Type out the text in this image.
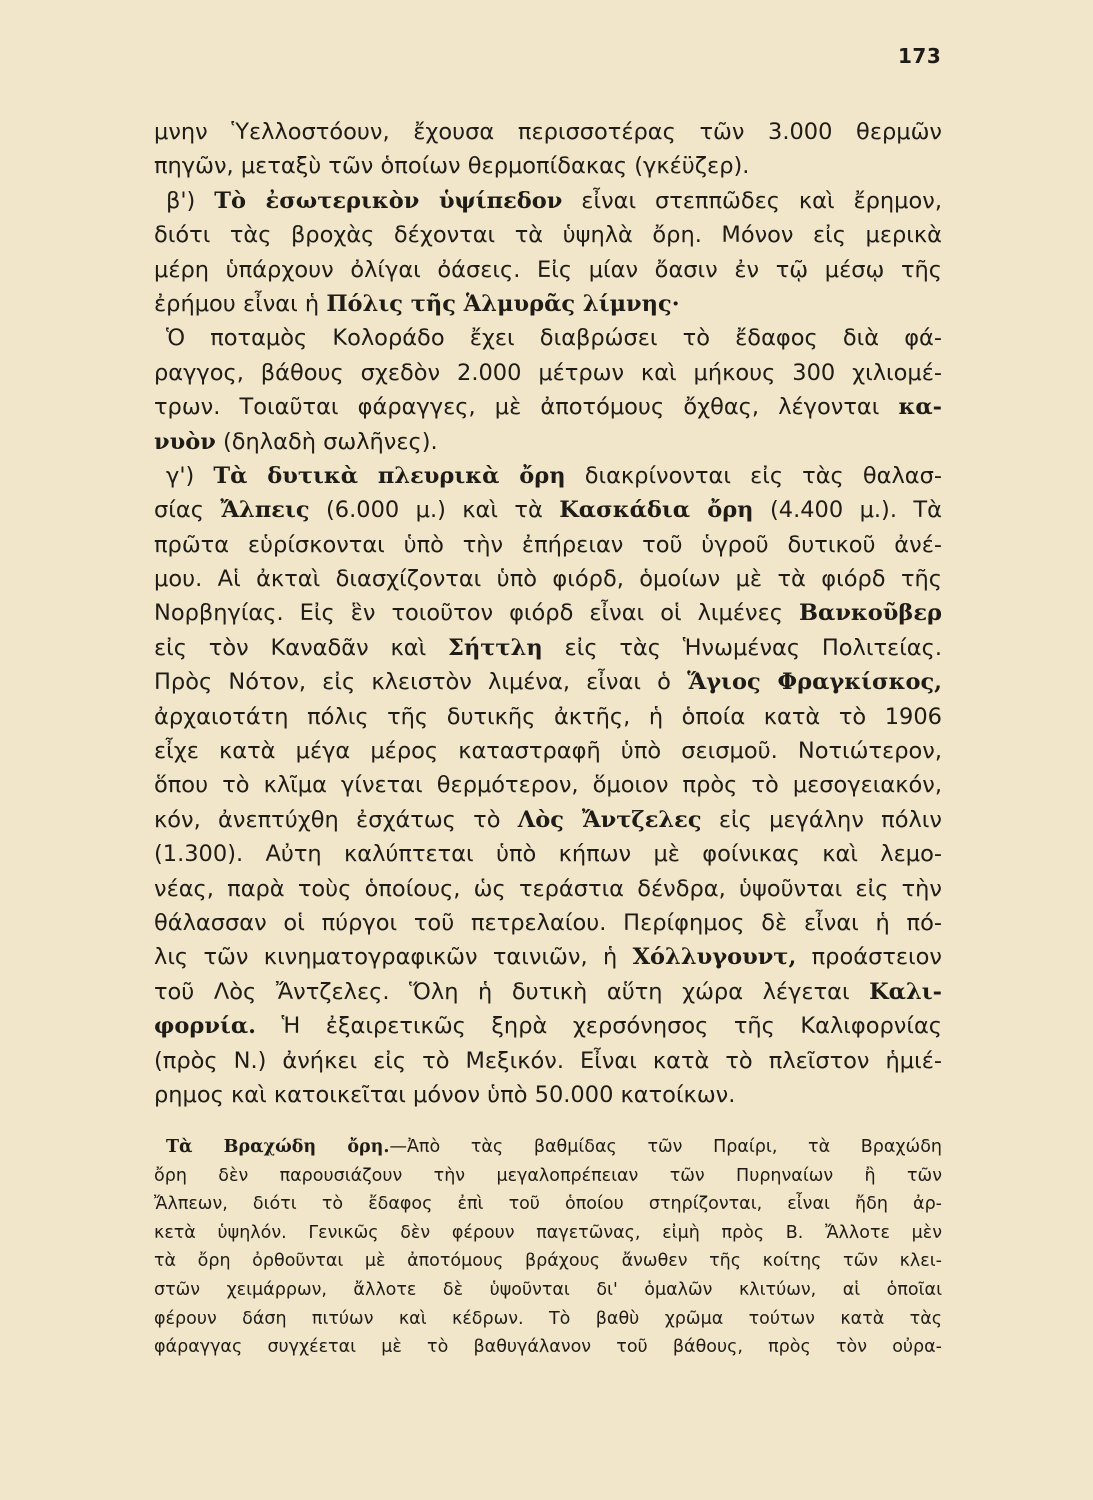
173
μνην Ὑελλοστόουν, ἔχουσα περισσοτέρας τῶν 3.000 θερμῶν
πηγῶν, μεταξὺ τῶν ὁποίων θερμοπίδακας (γκέϋζερ).
β') Τὸ ἐσωτερικὸν ὑψίπεδον εἶναι στεππῶδες καὶ ἔρημον,
διότι τὰς βροχὰς δέχονται τὰ ὑψηλὰ ὄρη. Μόνον εἰς μερικὰ
μέρη ὑπάρχουν ὀλίγαι ὀάσεις. Εἰς μίαν ὄασιν ἐν τῷ μέσῳ τῆς
ἐρήμου εἶναι ἡ Πόλις τῆς Ἁλμυρᾶς λίμνης·
Ὁ ποταμὸς Κολοράδο ἔχει διαβρώσει τὸ ἔδαφος διὰ φά-
ραγγος, βάθους σχεδὸν 2.000 μέτρων καὶ μήκους 300 χιλιομέ-
τρων. Τοιαῦται φάραγγες, μὲ ἀποτόμους ὄχθας, λέγονται κα-
νυὸν (δηλαδὴ σωλῆνες).
γ') Τὰ δυτικὰ πλευρικὰ ὄρη διακρίνονται εἰς τὰς θαλασ-
σίας Ἄλπεις (6.000 μ.) καὶ τὰ Κασκάδια ὄρη (4.400 μ.). Τὰ
πρῶτα εὑρίσκονται ὑπὸ τὴν ἐπήρειαν τοῦ ὑγροῦ δυτικοῦ ἀνέ-
μου. Αἱ ἀκταὶ διασχίζονται ὑπὸ φιόρδ, ὁμοίων μὲ τὰ φιόρδ τῆς
Νορβηγίας. Εἰς ἓν τοιοῦτον φιόρδ εἶναι οἱ λιμένες Βανκοῦβερ
εἰς τὸν Καναδᾶν καὶ Σήττλη εἰς τὰς Ἡνωμένας Πολιτείας.
Πρὸς Νότον, εἰς κλειστὸν λιμένα, εἶναι ὁ Ἅγιος Φραγκίσκος,
ἀρχαιοτάτη πόλις τῆς δυτικῆς ἀκτῆς, ἡ ὁποία κατὰ τὸ 1906
εἶχε κατὰ μέγα μέρος καταστραφῆ ὑπὸ σεισμοῦ. Νοτιώτερον,
ὅπου τὸ κλῖμα γίνεται θερμότερον, ὅμοιον πρὸς τὸ μεσογειακόν,
κόν, ἀνεπτύχθη ἐσχάτως τὸ Λὸς Ἄντζελες εἰς μεγάλην πόλιν
(1.300). Αὐτη καλύπτεται ὑπὸ κήπων μὲ φοίνικας καὶ λεμο-
νέας, παρὰ τοὺς ὁποίους, ὡς τεράστια δένδρα, ὑψοῦνται εἰς τὴν
θάλασσαν οἱ πύργοι τοῦ πετρελαίου. Περίφημος δὲ εἶναι ἡ πό-
λις τῶν κινηματογραφικῶν ταινιῶν, ἡ Χόλλυγουντ, προάστειον
τοῦ Λὸς Ἄντζελες. Ὅλη ἡ δυτικὴ αὕτη χώρα λέγεται Καλι-
φορνία. Ἡ ἐξαιρετικῶς ξηρὰ χερσόνησος τῆς Καλιφορνίας
(πρὸς Ν.) ἀνήκει εἰς τὸ Μεξικόν. Εἶναι κατὰ τὸ πλεῖστον ἡμιέ-
ρημος καὶ κατοικεῖται μόνον ὑπὸ 50.000 κατοίκων.
Τὰ Βραχώδη ὄρη.—Ἀπὸ τὰς βαθμίδας τῶν Πραίρι, τὰ Βραχώδη
ὄρη δὲν παρουσιάζουν τὴν μεγαλοπρέπειαν τῶν Πυρηναίων ἢ τῶν
Ἄλπεων, διότι τὸ ἔδαφος ἐπὶ τοῦ ὁποίου στηρίζονται, εἶναι ἤδη ἀρ-
κετὰ ὑψηλόν. Γενικῶς δὲν φέρουν παγετῶνας, εἰμὴ πρὸς Β. Ἄλλοτε μὲν
τὰ ὄρη ὀρθοῦνται μὲ ἀποτόμους βράχους ἄνωθεν τῆς κοίτης τῶν κλει-
στῶν χειμάρρων, ἄλλοτε δὲ ὑψοῦνται δι' ὁμαλῶν κλιτύων, αἱ ὁποῖαι
φέρουν δάση πιτύων καὶ κέδρων. Τὸ βαθὺ χρῶμα τούτων κατὰ τὰς
φάραγγας συγχέεται μὲ τὸ βαθυγάλανον τοῦ βάθους, πρὸς τὸν οὐρα-
